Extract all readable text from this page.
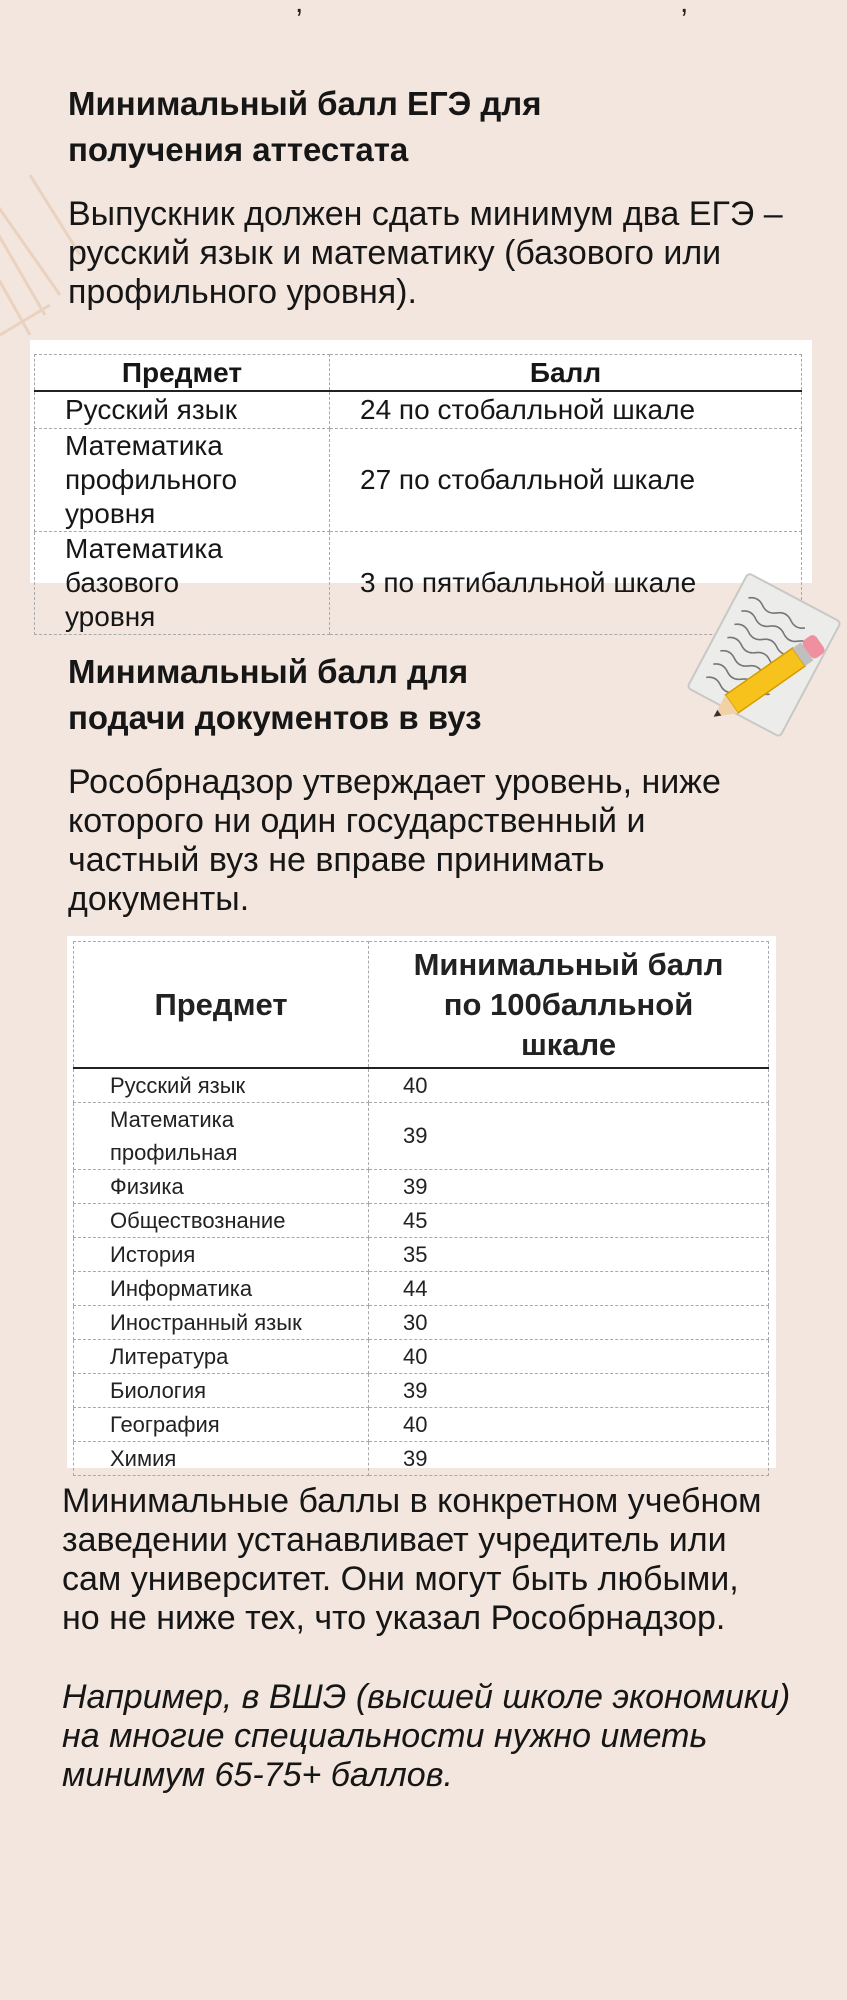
,	,
Минимальный балл ЕГЭ для
получения аттестата

Выпускник должен сдать минимум два ЕГЭ –
русский язык и математику (базового или
профильного уровня).

Предмет	Балл
Русский язык	24 по стобалльной шкале
Математика
профильного уровня	27 по стобалльной шкале
Математика базового
уровня	3 по пятибалльной шкале
Минимальный балл для
подачи документов в вуз

Рособрнадзор утверждает уровень, ниже
которого ни один государственный и
частный вуз не вправе принимать
документы.

Предмет	Минимальный балл
по 100балльной
шкале
Русский язык	40
Математика
профильная	39
Физика	39
Обществознание	45
История	35
Информатика	44
Иностранный язык	30
Литература	40
Биология	39
География	40
Химия	39

Минимальные баллы в конкретном учебном
заведении устанавливает учредитель или
сам университет. Они могут быть любыми,
но не ниже тех, что указал Рособрнадзор.

Например, в ВШЭ (высшей школе экономики)
на многие специальности нужно иметь
минимум 65-75+ баллов.
